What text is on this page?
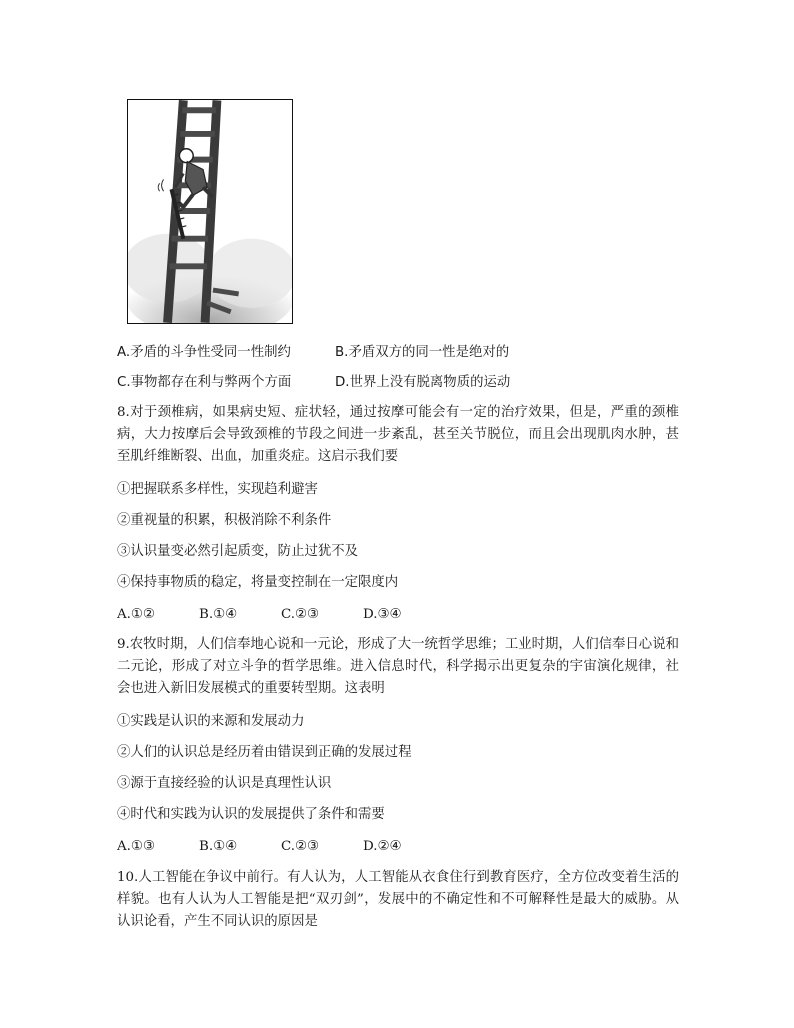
A.矛盾的斗争性受同一性制约	B.矛盾双方的同一性是绝对的
C.事物都存在利与弊两个方面	D.世界上没有脱离物质的运动
8.对于颈椎病，如果病史短、症状轻，通过按摩可能会有一定的治疗效果，但是，严重的颈椎病，大力按摩后会导致颈椎的节段之间进一步紊乱，甚至关节脱位，而且会出现肌肉水肿，甚至肌纤维断裂、出血，加重炎症。这启示我们要
①把握联系多样性，实现趋利避害
②重视量的积累，积极消除不利条件
③认识量变必然引起质变，防止过犹不及
④保持事物质的稳定，将量变控制在一定限度内
A.①②	B.①④	C.②③	D.③④
9.农牧时期，人们信奉地心说和一元论，形成了大一统哲学思维；工业时期，人们信奉日心说和二元论，形成了对立斗争的哲学思维。进入信息时代，科学揭示出更复杂的宇宙演化规律，社会也进入新旧发展模式的重要转型期。这表明
①实践是认识的来源和发展动力
②人们的认识总是经历着由错误到正确的发展过程
③源于直接经验的认识是真理性认识
④时代和实践为认识的发展提供了条件和需要
A.①③	B.①④	C.②③	D.②④
10.人工智能在争议中前行。有人认为，人工智能从衣食住行到教育医疗，全方位改变着生活的样貌。也有人认为人工智能是把“双刃剑”，发展中的不确定性和不可解释性是最大的威胁。从认识论看，产生不同认识的原因是
